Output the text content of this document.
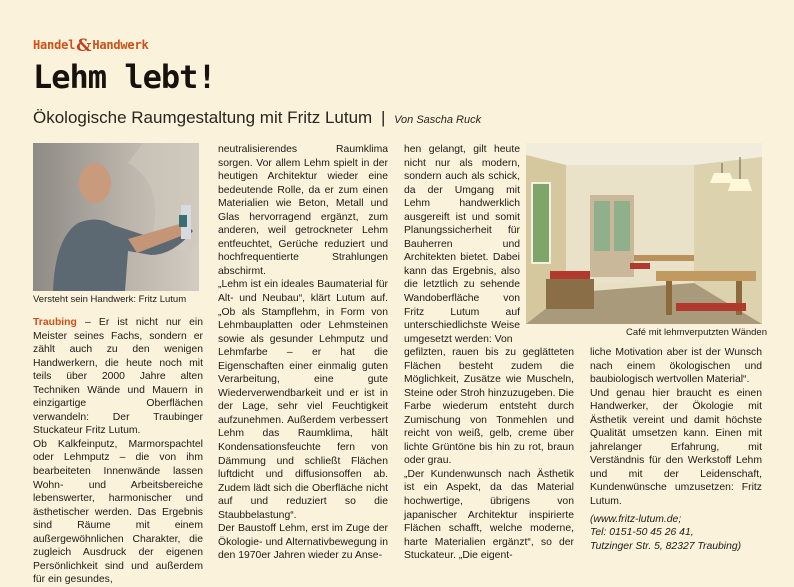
Handel&Handwerk
Lehm lebt!
Ökologische Raumgestaltung mit Fritz Lutum | Von Sascha Ruck
Versteht sein Handwerk: Fritz Lutum
Café mit lehmverputzten Wänden

Traubing – Er ist nicht nur ein Meister seines Fachs, sondern er zählt auch zu den wenigen Handwerkern, die heute noch mit teils über 2000 Jahre alten Techniken Wände und Mauern in einzigartige Oberflächen verwandeln: Der Traubinger Stuckateur Fritz Lutum.

Ob Kalkfeinputz, Marmorspachtel oder Lehmputz – die von ihm bearbeiteten Innenwände lassen Wohn- und Arbeitsbereiche lebenswerter, harmonischer und ästhetischer werden. Das Ergebnis sind Räume mit einem außergewöhnlichen Charakter, die zugleich Ausdruck der eigenen Persönlichkeit sind und außerdem für ein gesundes,

neutralisierendes Raumklima sorgen. Vor allem Lehm spielt in der heutigen Architektur wieder eine bedeutende Rolle, da er zum einen Materialien wie Beton, Metall und Glas hervorragend ergänzt, zum anderen, weil getrockneter Lehm entfeuchtet, Gerüche reduziert und hochfrequentierte Strahlungen abschirmt.

„Lehm ist ein ideales Baumaterial für Alt- und Neubau“, klärt Lutum auf. „Ob als Stampflehm, in Form von Lehmbauplatten oder Lehmsteinen sowie als gesunder Lehmputz und Lehmfarbe – er hat die Eigenschaften einer einmalig guten Verarbeitung, eine gute Wiederverwendbarkeit und er ist in der Lage, sehr viel Feuchtigkeit aufzunehmen. Außerdem verbessert Lehm das Raumklima, hält Kondensationsfeuchte fern von Dämmung und schließt Flächen luftdicht und diffusionsoffen ab. Zudem lädt sich die Oberfläche nicht auf und reduziert so die Staubbelastung“.

Der Baustoff Lehm, erst im Zuge der Ökologie- und Alternativbewegung in den 1970er Jahren wieder zu Anse-

hen gelangt, gilt heute nicht nur als modern, sondern auch als schick, da der Umgang mit Lehm handwerklich ausgereift ist und somit Planungssicherheit für Bauherren und Architekten bietet. Dabei kann das Ergebnis, also die letztlich zu sehende Wandoberfläche von Fritz Lutum auf unterschiedlichste Weise umgesetzt werden: Von

gefilzten, rauen bis zu geglätteten Flächen besteht zudem die Möglichkeit, Zusätze wie Muscheln, Steine oder Stroh hinzuzugeben. Die Farbe wiederum entsteht durch Zumischung von Tonmehlen und reicht von weiß, gelb, creme über lichte Grüntöne bis hin zu rot, braun oder grau.

„Der Kundenwunsch nach Ästhetik ist ein Aspekt, da das Material hochwertige, übrigens von japanischer Architektur inspirierte Flächen schafft, welche moderne, harte Materialien ergänzt“, so der Stuckateur. „Die eigent-

liche Motivation aber ist der Wunsch nach einem ökologischen und baubiologisch wertvollen Material“.

Und genau hier braucht es einen Handwerker, der Ökologie mit Ästhetik vereint und damit höchste Qualität umsetzen kann. Einen mit jahrelanger Erfahrung, mit Verständnis für den Werkstoff Lehm und mit der Leidenschaft, Kundenwünsche umzusetzen: Fritz Lutum.

(www.fritz-lutum.de;
Tel: 0151-50 45 26 41,
Tutzinger Str. 5, 82327 Traubing)
